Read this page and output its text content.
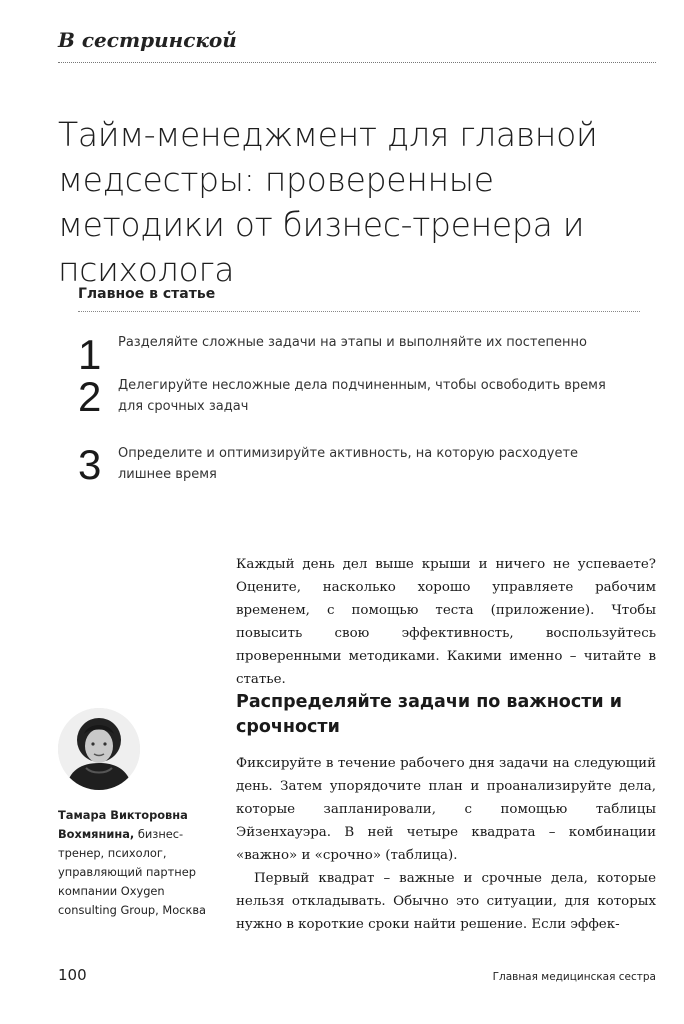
В сестринской
Тайм-менеджмент для главной медсестры: проверенные методики от бизнес-тренера и психолога
Главное в статье
1 Разделяйте сложные задачи на этапы и выполняйте их постепенно
2 Делегируйте несложные дела подчиненным, чтобы освободить время для срочных задач
3 Определите и оптимизируйте активность, на которую расходуете лишнее время
Каждый день дел выше крыши и ничего не успеваете? Оцените, насколько хорошо управляете рабочим временем, с помощью теста (приложение). Чтобы повысить свою эффективность, воспользуйтесь проверенными методиками. Какими именно – читайте в статье.
Распределяйте задачи по важности и срочности
Фиксируйте в течение рабочего дня задачи на следующий день. Затем упорядочите план и проанализируйте дела, которые запланировали, с помощью таблицы Эйзенхауэра. В ней четыре квадрата – комбинации «важно» и «срочно» (таблица).
Первый квадрат – важные и срочные дела, которые нельзя откладывать. Обычно это ситуации, для которых нужно в короткие сроки найти решение. Если эффек-
Тамара Викторовна Вохмянина, бизнес-тренер, психолог, управляющий партнер компании Oxygen consulting Group, Москва
100	Главная медицинская сестра
